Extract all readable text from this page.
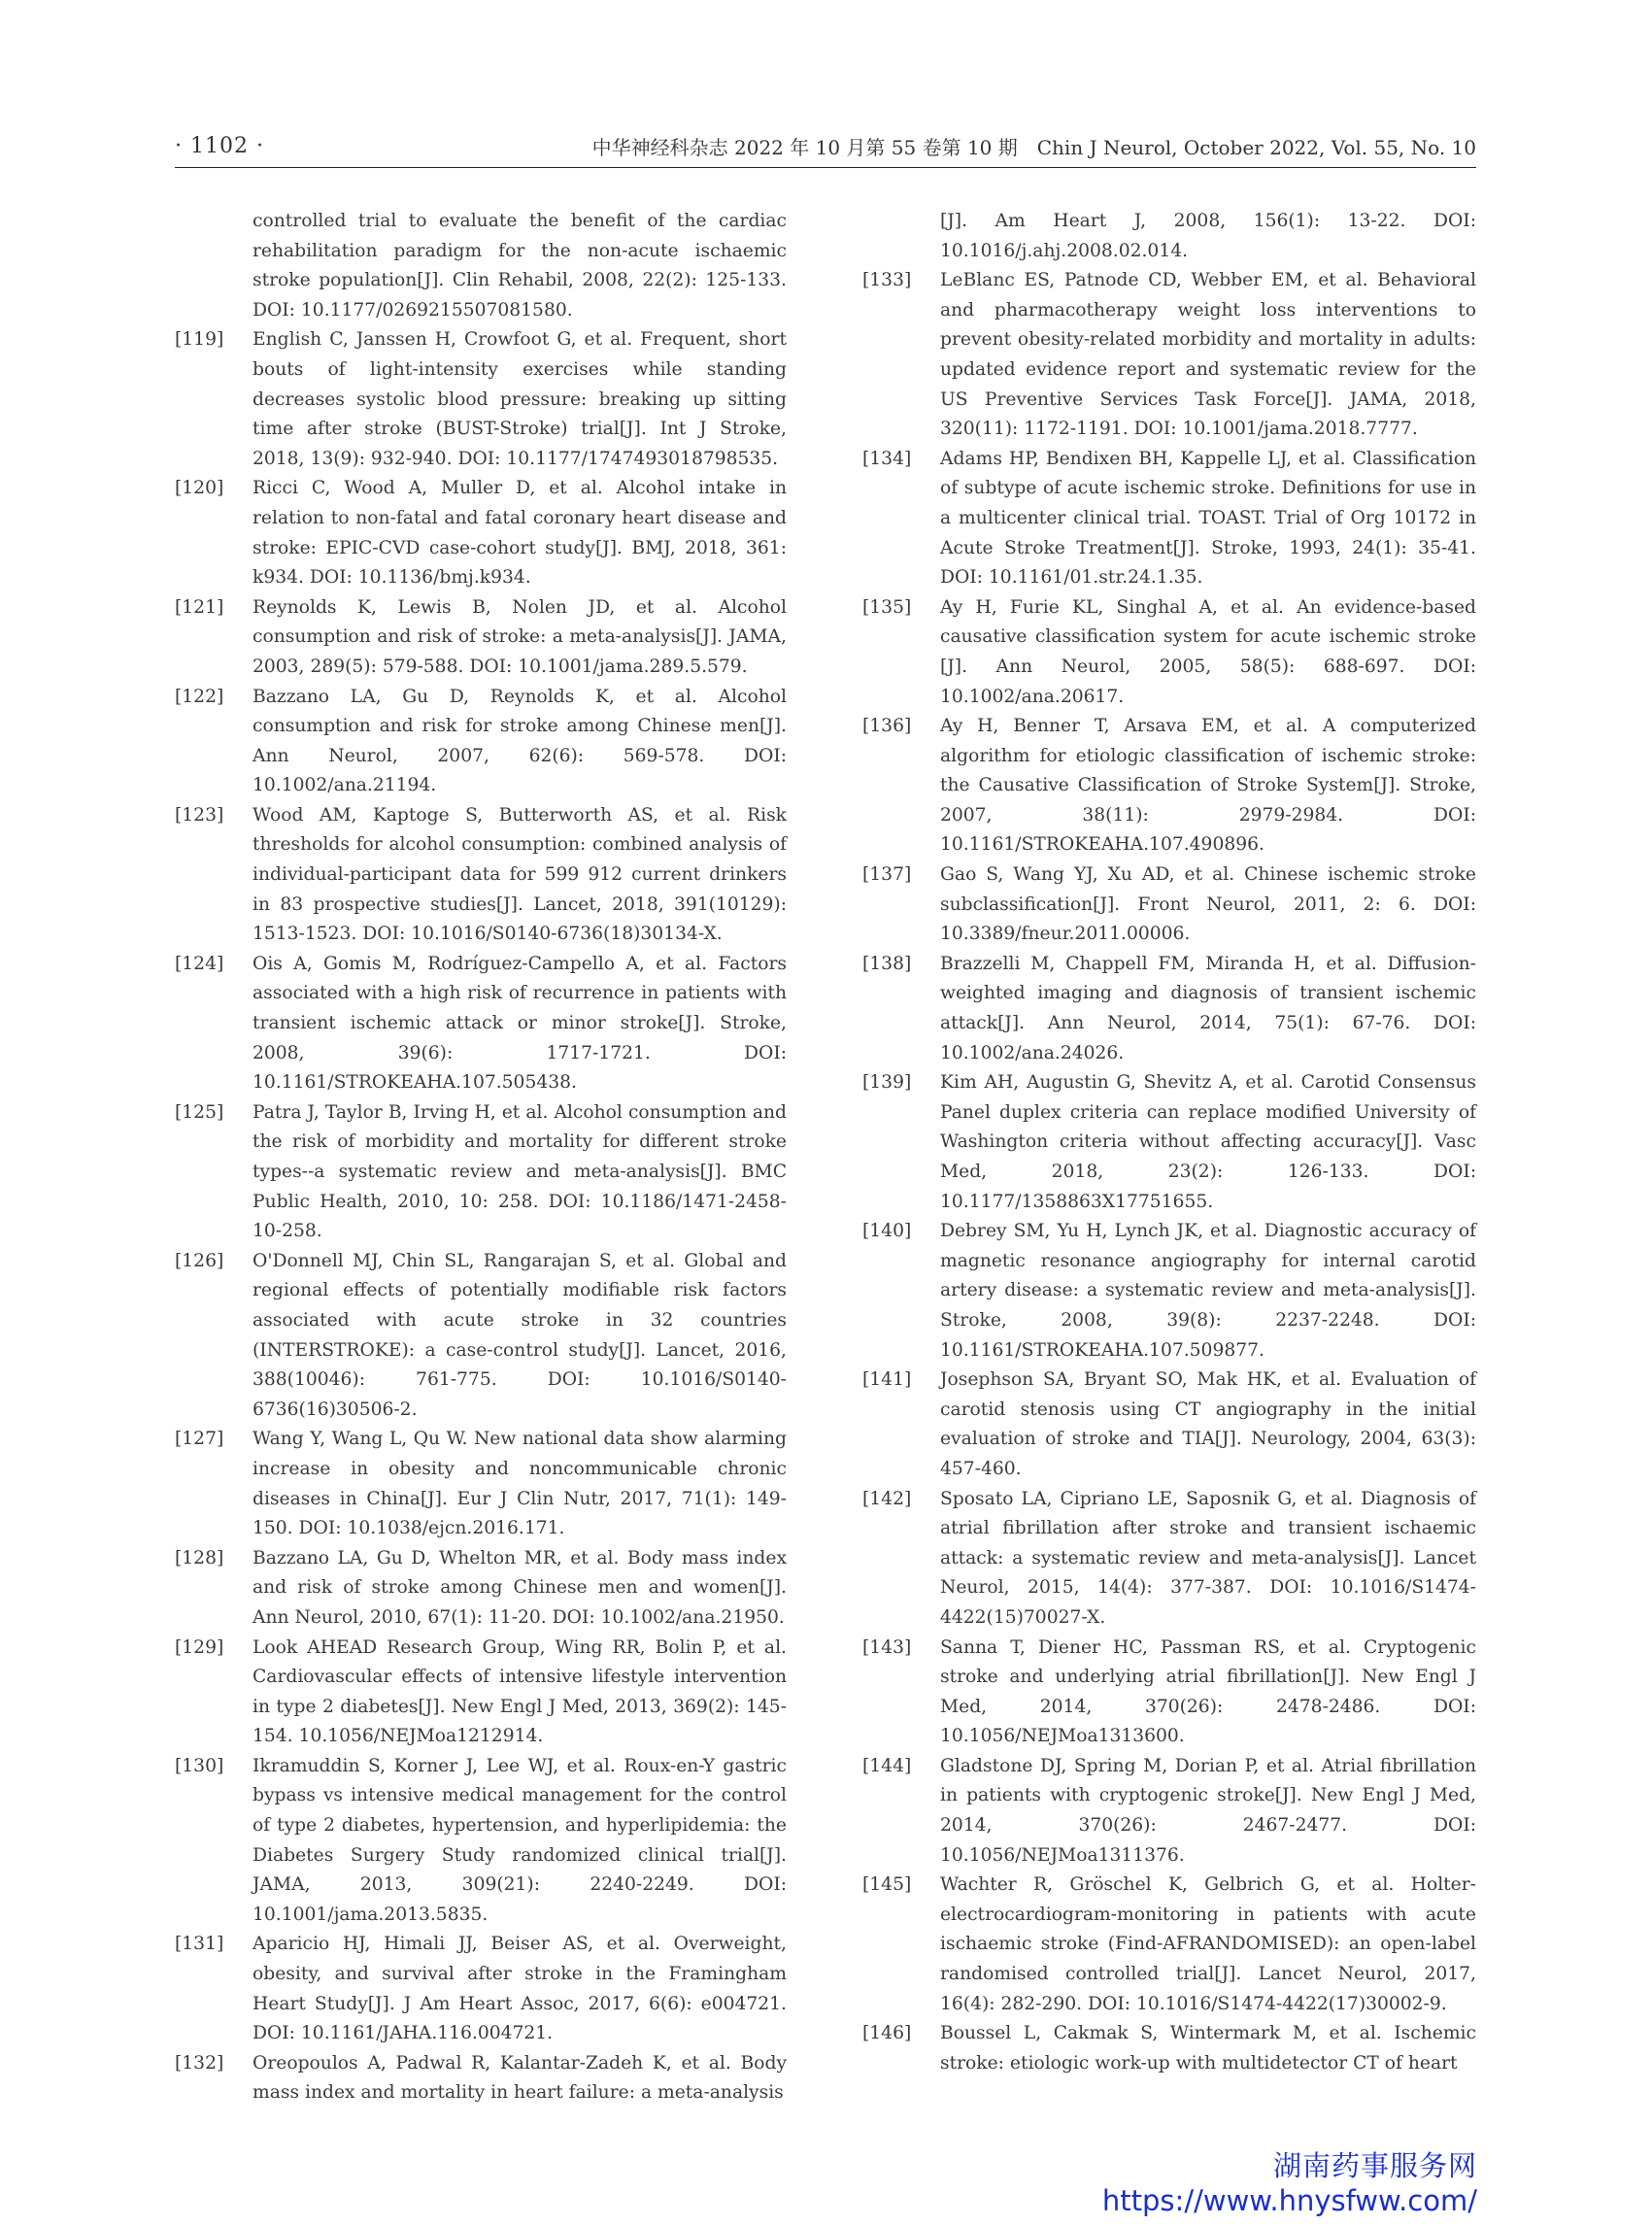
· 1102 ·	中华神经科杂志 2022 年 10 月第 55 卷第 10 期　Chin J Neurol, October 2022, Vol. 55, No. 10
controlled trial to evaluate the benefit of the cardiac rehabilitation paradigm for the non-acute ischaemic stroke population[J]. Clin Rehabil, 2008, 22(2): 125-133. DOI: 10.1177/0269215507081580.
[119] English C, Janssen H, Crowfoot G, et al. Frequent, short bouts of light-intensity exercises while standing decreases systolic blood pressure: breaking up sitting time after stroke (BUST-Stroke) trial[J]. Int J Stroke, 2018, 13(9): 932-940. DOI: 10.1177/1747493018798535.
[120] Ricci C, Wood A, Muller D, et al. Alcohol intake in relation to non-fatal and fatal coronary heart disease and stroke: EPIC-CVD case-cohort study[J]. BMJ, 2018, 361: k934. DOI: 10.1136/bmj.k934.
[121] Reynolds K, Lewis B, Nolen JD, et al. Alcohol consumption and risk of stroke: a meta-analysis[J]. JAMA, 2003, 289(5): 579-588. DOI: 10.1001/jama.289.5.579.
[122] Bazzano LA, Gu D, Reynolds K, et al. Alcohol consumption and risk for stroke among Chinese men[J]. Ann Neurol, 2007, 62(6): 569-578. DOI: 10.1002/ana.21194.
[123] Wood AM, Kaptoge S, Butterworth AS, et al. Risk thresholds for alcohol consumption: combined analysis of individual-participant data for 599 912 current drinkers in 83 prospective studies[J]. Lancet, 2018, 391(10129): 1513-1523. DOI: 10.1016/S0140-6736(18)30134-X.
[124] Ois A, Gomis M, Rodríguez-Campello A, et al. Factors associated with a high risk of recurrence in patients with transient ischemic attack or minor stroke[J]. Stroke, 2008, 39(6): 1717-1721. DOI: 10.1161/STROKEAHA.107.505438.
[125] Patra J, Taylor B, Irving H, et al. Alcohol consumption and the risk of morbidity and mortality for different stroke types--a systematic review and meta-analysis[J]. BMC Public Health, 2010, 10: 258. DOI: 10.1186/1471-2458-10-258.
[126] O'Donnell MJ, Chin SL, Rangarajan S, et al. Global and regional effects of potentially modifiable risk factors associated with acute stroke in 32 countries (INTERSTROKE): a case-control study[J]. Lancet, 2016, 388(10046): 761-775. DOI: 10.1016/S0140-6736(16)30506-2.
[127] Wang Y, Wang L, Qu W. New national data show alarming increase in obesity and noncommunicable chronic diseases in China[J]. Eur J Clin Nutr, 2017, 71(1): 149-150. DOI: 10.1038/ejcn.2016.171.
[128] Bazzano LA, Gu D, Whelton MR, et al. Body mass index and risk of stroke among Chinese men and women[J]. Ann Neurol, 2010, 67(1): 11-20. DOI: 10.1002/ana.21950.
[129] Look AHEAD Research Group, Wing RR, Bolin P, et al. Cardiovascular effects of intensive lifestyle intervention in type 2 diabetes[J]. New Engl J Med, 2013, 369(2): 145-154. 10.1056/NEJMoa1212914.
[130] Ikramuddin S, Korner J, Lee WJ, et al. Roux-en-Y gastric bypass vs intensive medical management for the control of type 2 diabetes, hypertension, and hyperlipidemia: the Diabetes Surgery Study randomized clinical trial[J]. JAMA, 2013, 309(21): 2240-2249. DOI: 10.1001/jama.2013.5835.
[131] Aparicio HJ, Himali JJ, Beiser AS, et al. Overweight, obesity, and survival after stroke in the Framingham Heart Study[J]. J Am Heart Assoc, 2017, 6(6): e004721. DOI: 10.1161/JAHA.116.004721.
[132] Oreopoulos A, Padwal R, Kalantar-Zadeh K, et al. Body mass index and mortality in heart failure: a meta-analysis
[J]. Am Heart J, 2008, 156(1): 13-22. DOI: 10.1016/j.ahj.2008.02.014.
[133] LeBlanc ES, Patnode CD, Webber EM, et al. Behavioral and pharmacotherapy weight loss interventions to prevent obesity-related morbidity and mortality in adults: updated evidence report and systematic review for the US Preventive Services Task Force[J]. JAMA, 2018, 320(11): 1172-1191. DOI: 10.1001/jama.2018.7777.
[134] Adams HP, Bendixen BH, Kappelle LJ, et al. Classification of subtype of acute ischemic stroke. Definitions for use in a multicenter clinical trial. TOAST. Trial of Org 10172 in Acute Stroke Treatment[J]. Stroke, 1993, 24(1): 35-41. DOI: 10.1161/01.str.24.1.35.
[135] Ay H, Furie KL, Singhal A, et al. An evidence-based causative classification system for acute ischemic stroke [J]. Ann Neurol, 2005, 58(5): 688-697. DOI: 10.1002/ana.20617.
[136] Ay H, Benner T, Arsava EM, et al. A computerized algorithm for etiologic classification of ischemic stroke: the Causative Classification of Stroke System[J]. Stroke, 2007, 38(11): 2979-2984. DOI: 10.1161/STROKEAHA.107.490896.
[137] Gao S, Wang YJ, Xu AD, et al. Chinese ischemic stroke subclassification[J]. Front Neurol, 2011, 2: 6. DOI: 10.3389/fneur.2011.00006.
[138] Brazzelli M, Chappell FM, Miranda H, et al. Diffusion-weighted imaging and diagnosis of transient ischemic attack[J]. Ann Neurol, 2014, 75(1): 67-76. DOI: 10.1002/ana.24026.
[139] Kim AH, Augustin G, Shevitz A, et al. Carotid Consensus Panel duplex criteria can replace modified University of Washington criteria without affecting accuracy[J]. Vasc Med, 2018, 23(2): 126-133. DOI: 10.1177/1358863X17751655.
[140] Debrey SM, Yu H, Lynch JK, et al. Diagnostic accuracy of magnetic resonance angiography for internal carotid artery disease: a systematic review and meta-analysis[J]. Stroke, 2008, 39(8): 2237-2248. DOI: 10.1161/STROKEAHA.107.509877.
[141] Josephson SA, Bryant SO, Mak HK, et al. Evaluation of carotid stenosis using CT angiography in the initial evaluation of stroke and TIA[J]. Neurology, 2004, 63(3): 457-460.
[142] Sposato LA, Cipriano LE, Saposnik G, et al. Diagnosis of atrial fibrillation after stroke and transient ischaemic attack: a systematic review and meta-analysis[J]. Lancet Neurol, 2015, 14(4): 377-387. DOI: 10.1016/S1474-4422(15)70027-X.
[143] Sanna T, Diener HC, Passman RS, et al. Cryptogenic stroke and underlying atrial fibrillation[J]. New Engl J Med, 2014, 370(26): 2478-2486. DOI: 10.1056/NEJMoa1313600.
[144] Gladstone DJ, Spring M, Dorian P, et al. Atrial fibrillation in patients with cryptogenic stroke[J]. New Engl J Med, 2014, 370(26): 2467-2477. DOI: 10.1056/NEJMoa1311376.
[145] Wachter R, Gröschel K, Gelbrich G, et al. Holter-electrocardiogram-monitoring in patients with acute ischaemic stroke (Find-AFRANDOMISED): an open-label randomised controlled trial[J]. Lancet Neurol, 2017, 16(4): 282-290. DOI: 10.1016/S1474-4422(17)30002-9.
[146] Boussel L, Cakmak S, Wintermark M, et al. Ischemic stroke: etiologic work-up with multidetector CT of heart
湖南药事服务网
https://www.hnysfww.com/
